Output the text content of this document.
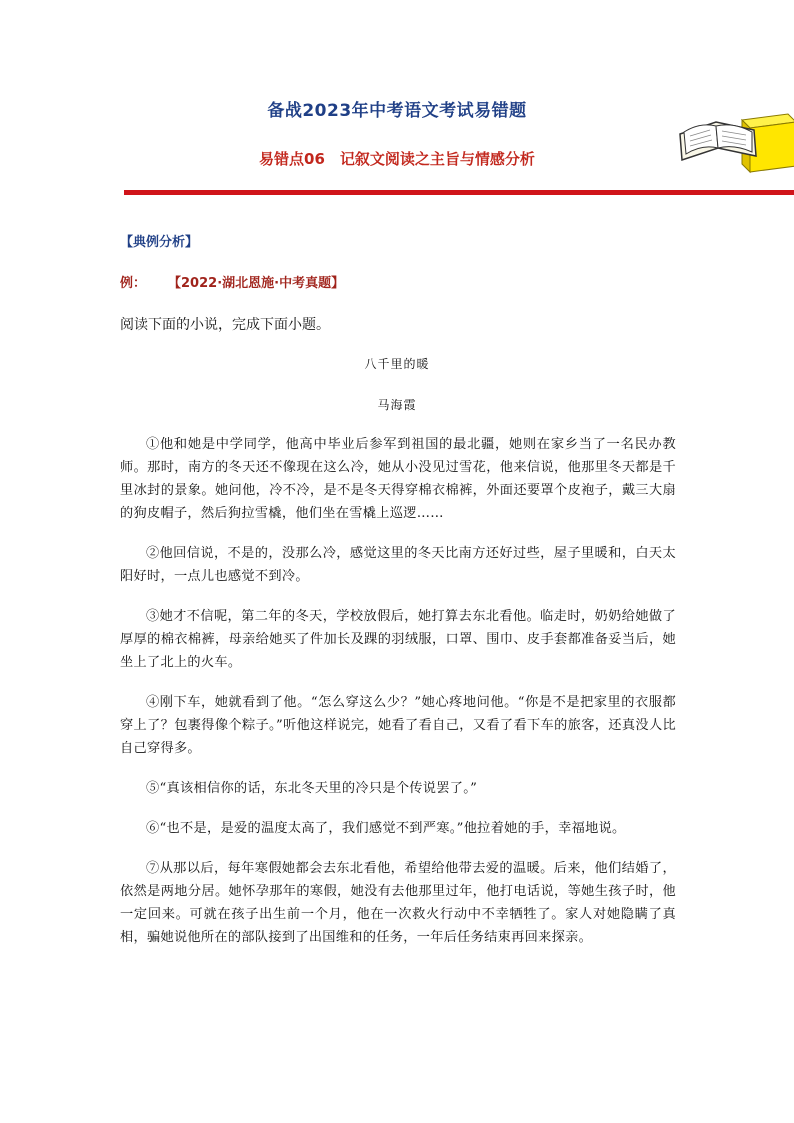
备战2023年中考语文考试易错题
易错点06　记叙文阅读之主旨与情感分析
【典例分析】
例： 【2022·湖北恩施·中考真题】
阅读下面的小说，完成下面小题。
八千里的暖
马海霞

①他和她是中学同学，他高中毕业后参军到祖国的最北疆，她则在家乡当了一名民办教师。那时，南方的冬天还不像现在这么冷，她从小没见过雪花，他来信说，他那里冬天都是千里冰封的景象。她问他，冷不冷，是不是冬天得穿棉衣棉裤，外面还要罩个皮袍子，戴三大扇的狗皮帽子，然后狗拉雪橇，他们坐在雪橇上巡逻……

②他回信说，不是的，没那么冷，感觉这里的冬天比南方还好过些，屋子里暖和，白天太阳好时，一点儿也感觉不到冷。

③她才不信呢，第二年的冬天，学校放假后，她打算去东北看他。临走时，奶奶给她做了厚厚的棉衣棉裤，母亲给她买了件加长及踝的羽绒服，口罩、围巾、皮手套都准备妥当后，她坐上了北上的火车。

④刚下车，她就看到了他。“怎么穿这么少？”她心疼地问他。“你是不是把家里的衣服都穿上了？包裹得像个粽子。”听他这样说完，她看了看自己，又看了看下车的旅客，还真没人比自己穿得多。

⑤“真该相信你的话，东北冬天里的冷只是个传说罢了。”

⑥“也不是，是爱的温度太高了，我们感觉不到严寒。”他拉着她的手，幸福地说。

⑦从那以后，每年寒假她都会去东北看他，希望给他带去爱的温暖。后来，他们结婚了，依然是两地分居。她怀孕那年的寒假，她没有去他那里过年，他打电话说，等她生孩子时，他一定回来。可就在孩子出生前一个月，他在一次救火行动中不幸牺牲了。家人对她隐瞒了真相，骗她说他所在的部队接到了出国维和的任务，一年后任务结束再回来探亲。
